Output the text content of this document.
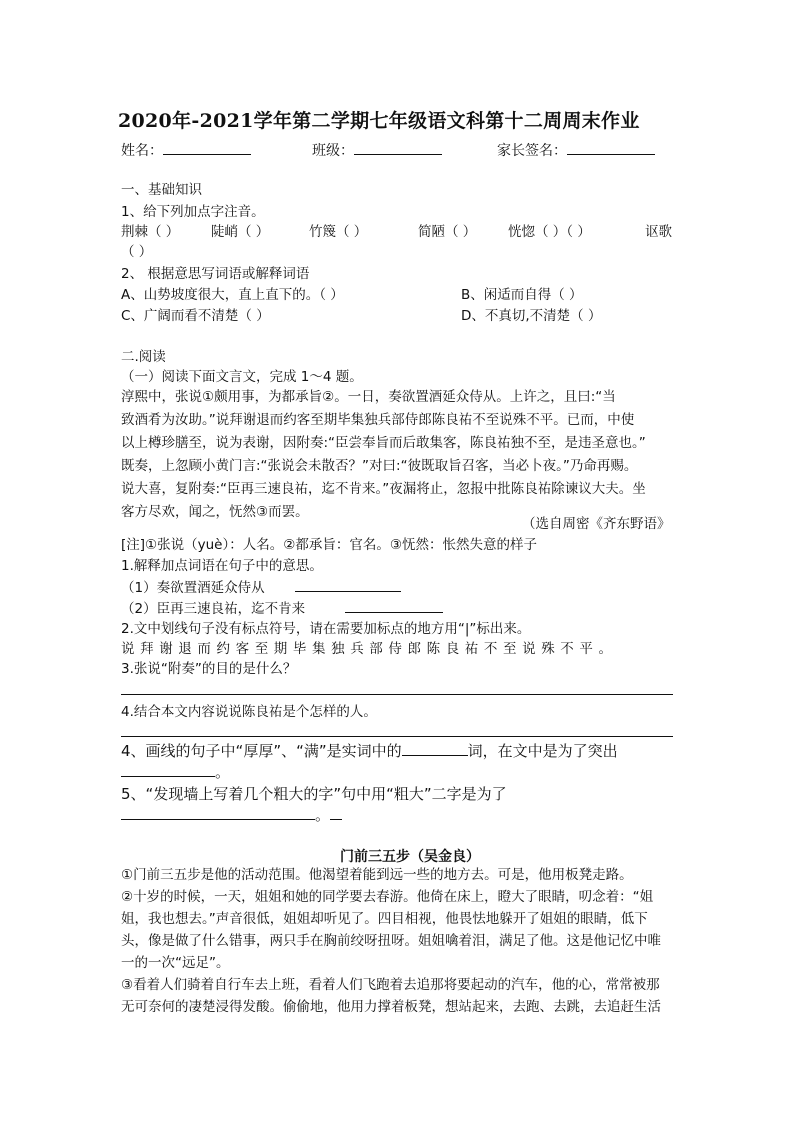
2020年-2021学年第二学期七年级语文科第十二周周末作业
姓名：	班级：	家长签名：
一、基础知识
1、给下列加点字注音。
荆棘（ ） 陡峭（ ）	竹篾（ ）	简陋（ ） 恍惚（ ）（ ）	讴歌
（ ）
2、 根据意思写词语或解释词语
A、山势坡度很大，直上直下的。（ ）	B、闲适而自得（ ）
C、广阔而看不清楚（ ）	D、不真切,不清楚（ ）
二.阅读
（一）阅读下面文言文，完成 1～4 题。
淳熙中，张说①颇用事，为都承旨②。一日，奏欲置酒延众侍从。上许之，且曰:“当
致酒肴为汝助。”说拜谢退而约客至期毕集独兵部侍郎陈良祐不至说殊不平。已而，中使
以上樽珍膳至，说为表谢，因附奏:“臣尝奉旨而后敢集客，陈良祐独不至，是违圣意也。”
既奏，上忽顾小黄门言:“张说会未散否？”对曰:“彼既取旨召客，当必卜夜。”乃命再赐。
说大喜，复附奏:“臣再三速良祐，迄不肯来。”夜漏将止，忽报中批陈良祐除谏议大夫。坐
客方尽欢，闻之，怃然③而罢。
（选自周密《齐东野语》
[注]①张说（yuè）：人名。②都承旨：官名。③怃然：怅然失意的样子
1.解释加点词语在句子中的意思。
（1）奏欲置酒延众侍从
（2）臣再三速良祐，迄不肯来
2.文中划线句子没有标点符号，请在需要加标点的地方用“|”标出来。
说拜谢退而约客至期毕集独兵部侍郎陈良祐不至说殊不平。
3.张说“附奏”的目的是什么？
4.结合本文内容说说陈良祐是个怎样的人。
4、画线的句子中“厚厚”、“满”是实词中的	词，在文中是为了突出
。
5、“发现墙上写着几个粗大的字”句中用“粗大”二字是为了
。
门前三五步（吴金良）
①门前三五步是他的活动范围。他渴望着能到远一些的地方去。可是，他用板凳走路。
②十岁的时候，一天，姐姐和她的同学要去春游。他倚在床上，瞪大了眼睛，叨念着：“姐
姐，我也想去。”声音很低，姐姐却听见了。四目相视，他畏怯地躲开了姐姐的眼睛，低下
头，像是做了什么错事，两只手在胸前绞呀扭呀。姐姐噙着泪，满足了他。这是他记忆中唯
一的一次“远足”。
③看着人们骑着自行车去上班，看着人们飞跑着去追那将要起动的汽车，他的心，常常被那
无可奈何的凄楚浸得发酸。偷偷地，他用力撑着板凳，想站起来，去跑、去跳，去追赶生活
